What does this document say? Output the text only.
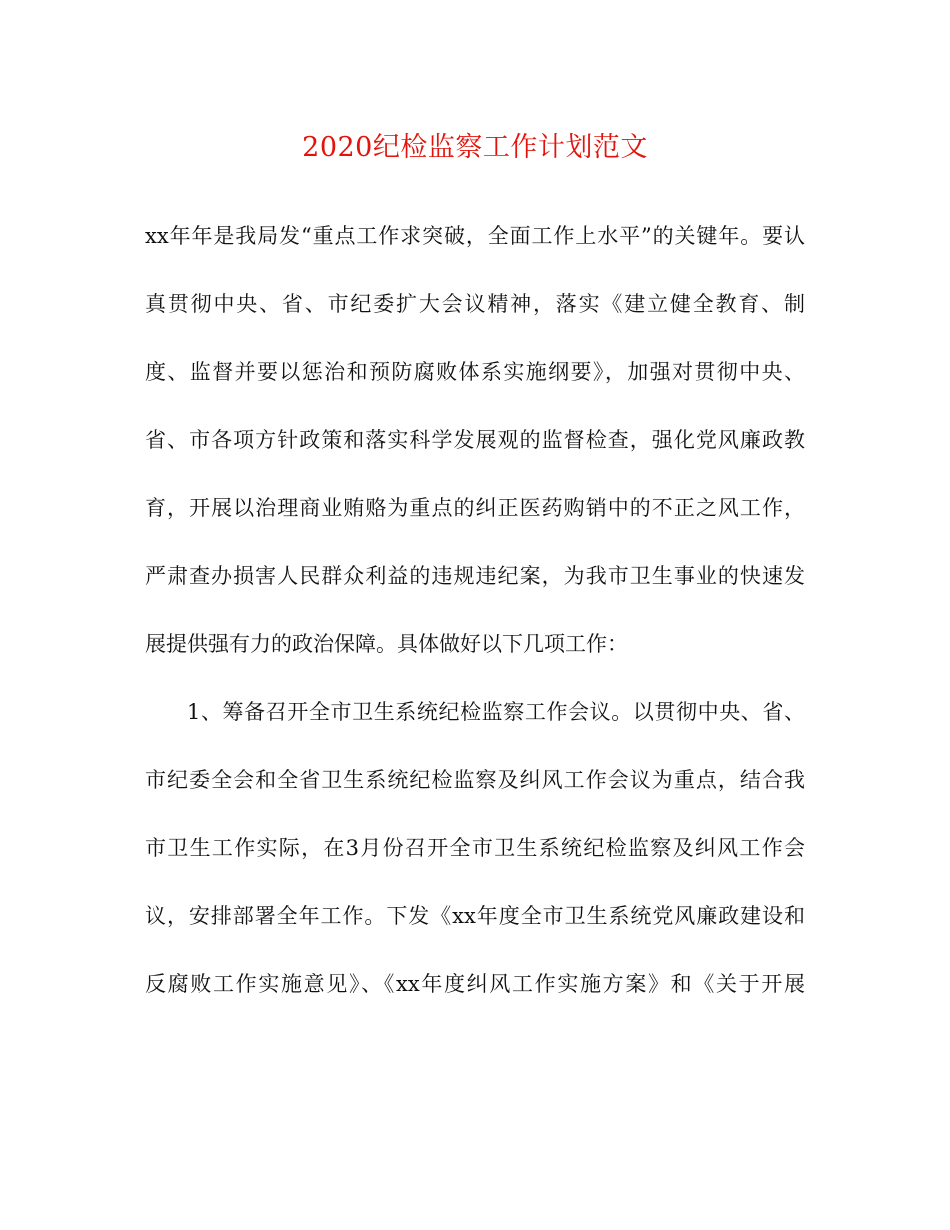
2020纪检监察工作计划范文
xx年年是我局发“重点工作求突破，全面工作上水平”的关键年。要认
真贯彻中央、省、市纪委扩大会议精神，落实《建立健全教育、制
度、监督并要以惩治和预防腐败体系实施纲要》，加强对贯彻中央、
省、市各项方针政策和落实科学发展观的监督检查，强化党风廉政教
育，开展以治理商业贿赂为重点的纠正医药购销中的不正之风工作，
严肃查办损害人民群众利益的违规违纪案，为我市卫生事业的快速发
展提供强有力的政治保障。具体做好以下几项工作：
1、筹备召开全市卫生系统纪检监察工作会议。以贯彻中央、省、
市纪委全会和全省卫生系统纪检监察及纠风工作会议为重点，结合我
市卫生工作实际，在3月份召开全市卫生系统纪检监察及纠风工作会
议，安排部署全年工作。下发《xx年度全市卫生系统党风廉政建设和
反腐败工作实施意见》、《xx年度纠风工作实施方案》和《关于开展
